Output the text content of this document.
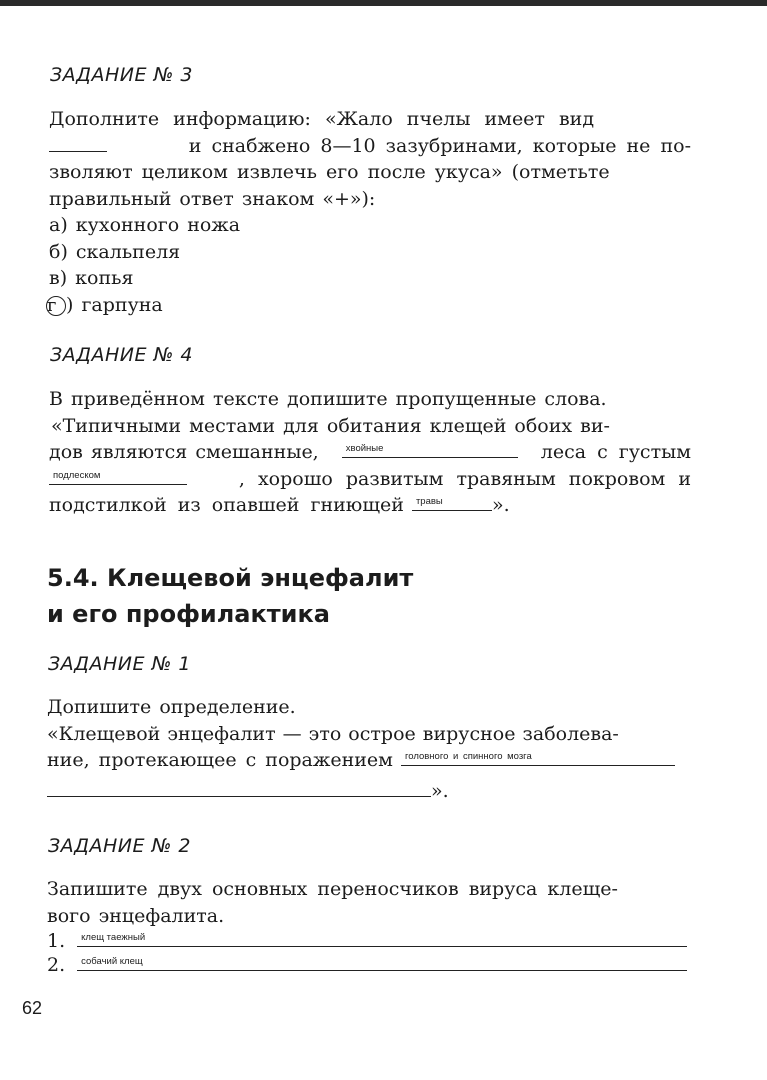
ЗАДАНИЕ № 3
Дополните информацию: «Жало пчелы имеет вид
и снабжено 8—10 зазубринами, которые не по-
зволяют целиком извлечь его после укуса» (отметьте
правильный ответ знаком «+»):
а)
кухонного ножа
б)
скальпеля
в)
копья
г )
гарпуна
ЗАДАНИЕ № 4
В приведённом тексте допишите пропущенные слова.
«Типичными местами для обитания клещей обоих ви-
дов являются смешанные,	хвойные	леса с густым
подлеском	, хорошо развитым травяным покровом и
подстилкой из опавшей гниющей
травы	».
5.4. Клещевой энцефалит
и его профилактика
ЗАДАНИЕ № 1
Допишите определение.
«Клещевой энцефалит — это острое вирусное заболева-
ние, протекающее с поражением
головного и спинного мозга
».
ЗАДАНИЕ № 2
Запишите двух основных переносчиков вируса клеще-
вого энцефалита.
1. клещ таежный
2. собачий клещ
62
